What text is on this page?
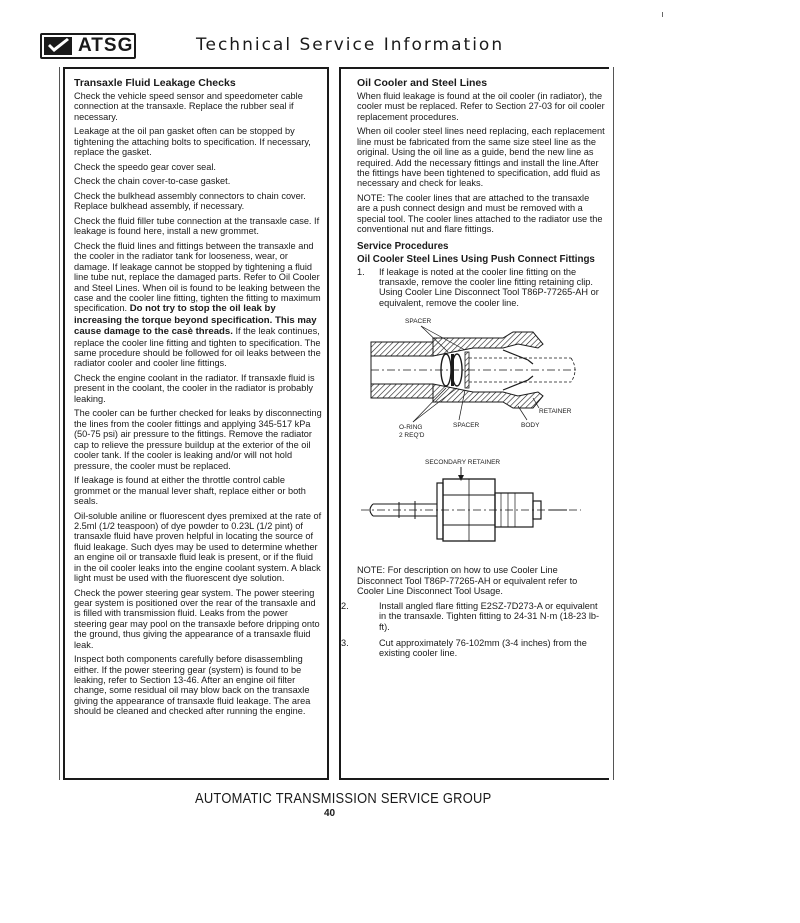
ATSG	Technical Service Information
Transaxle Fluid Leakage Checks

Check the vehicle speed sensor and speedometer cable connection at the transaxle. Replace the rubber seal if necessary.

Leakage at the oil pan gasket often can be stopped by tightening the attaching bolts to specification. If necessary, replace the gasket.

Check the speedo gear cover seal.

Check the chain cover-to-case gasket.

Check the bulkhead assembly connectors to chain cover. Replace bulkhead assembly, if necessary.

Check the fluid filler tube connection at the transaxle case. If leakage is found here, install a new grommet.

Check the fluid lines and fittings between the transaxle and the cooler in the radiator tank for looseness, wear, or damage. If leakage cannot be stopped by tightening a fluid line tube nut, replace the damaged parts. Refer to Oil Cooler and Steel Lines. When oil is found to be leaking between the case and the cooler line fitting, tighten the fitting to maximum specification. Do not try to stop the oil leak by increasing the torque beyond specification. This may cause damage to the casè threads. If the leak continues, replace the cooler line fitting and tighten to specification. The same procedure should be followed for oil leaks between the radiator cooler and cooler line fittings.

Check the engine coolant in the radiator. If transaxle fluid is present in the coolant, the cooler in the radiator is probably leaking.

The cooler can be further checked for leaks by disconnecting the lines from the cooler fittings and applying 345-517 kPa (50-75 psi) air pressure to the fittings. Remove the radiator cap to relieve the pressure buildup at the exterior of the oil cooler tank. If the cooler is leaking and/or will not hold pressure, the cooler must be replaced.

If leakage is found at either the throttle control cable grommet or the manual lever shaft, replace either or both seals.

Oil-soluble aniline or fluorescent dyes premixed at the rate of 2.5ml (1/2 teaspoon) of dye powder to 0.23L (1/2 pint) of transaxle fluid have proven helpful in locating the source of fluid leakage. Such dyes may be used to determine whether an engine oil or transaxle fluid leak is present, or if the fluid in the oil cooler leaks into the engine coolant system. A black light must be used with the fluorescent dye solution.

Check the power steering gear system. The power steering gear system is positioned over the rear of the transaxle and is filled with transmission fluid. Leaks from the power steering gear may pool on the transaxle before dripping onto the ground, thus giving the appearance of a transaxle fluid leak.

Inspect both components carefully before disassembling either. If the power steering gear (system) is found to be leaking, refer to Section 13-46. After an engine oil filter change, some residual oil may blow back on the transaxle giving the appearance of transaxle fluid leakage. The area should be cleaned and checked after running the engine.

Oil Cooler and Steel Lines

When fluid leakage is found at the oil cooler (in radiator), the cooler must be replaced. Refer to Section 27-03 for oil cooler replacement procedures.

When oil cooler steel lines need replacing, each replacement line must be fabricated from the same size steel line as the original. Using the oil line as a guide, bend the new line as required. Add the necessary fittings and install the line.After the fittings have been tightened to specification, add fluid as necessary and check for leaks.

NOTE: The cooler lines that are attached to the transaxle are a push connect design and must be removed with a special tool. The cooler lines attached to the radiator use the conventional nut and flare fittings.

Service Procedures
Oil Cooler Steel Lines Using Push Connect Fittings
1. If leakage is noted at the cooler line fitting on the transaxle, remove the cooler line fitting retaining clip. Using Cooler Line Disconnect Tool T86P-77265-AH or equivalent, remove the cooler line.
SPACER
RETAINER
O-RING
2 REQ'D
SPACER	BODY
SECONDARY RETAINER

NOTE: For description on how to use Cooler Line Disconnect Tool T86P-77265-AH or equivalent refer to Cooler Line Disconnect Tool Usage.

2.	Install angled flare fitting E2SZ-7D273-A or equivalent in the transaxle. Tighten fitting to 24-31 N·m (18-23 lb-ft).
3.	Cut approximately 76-102mm (3-4 inches) from the existing cooler line.
AUTOMATIC TRANSMISSION SERVICE GROUP
40
